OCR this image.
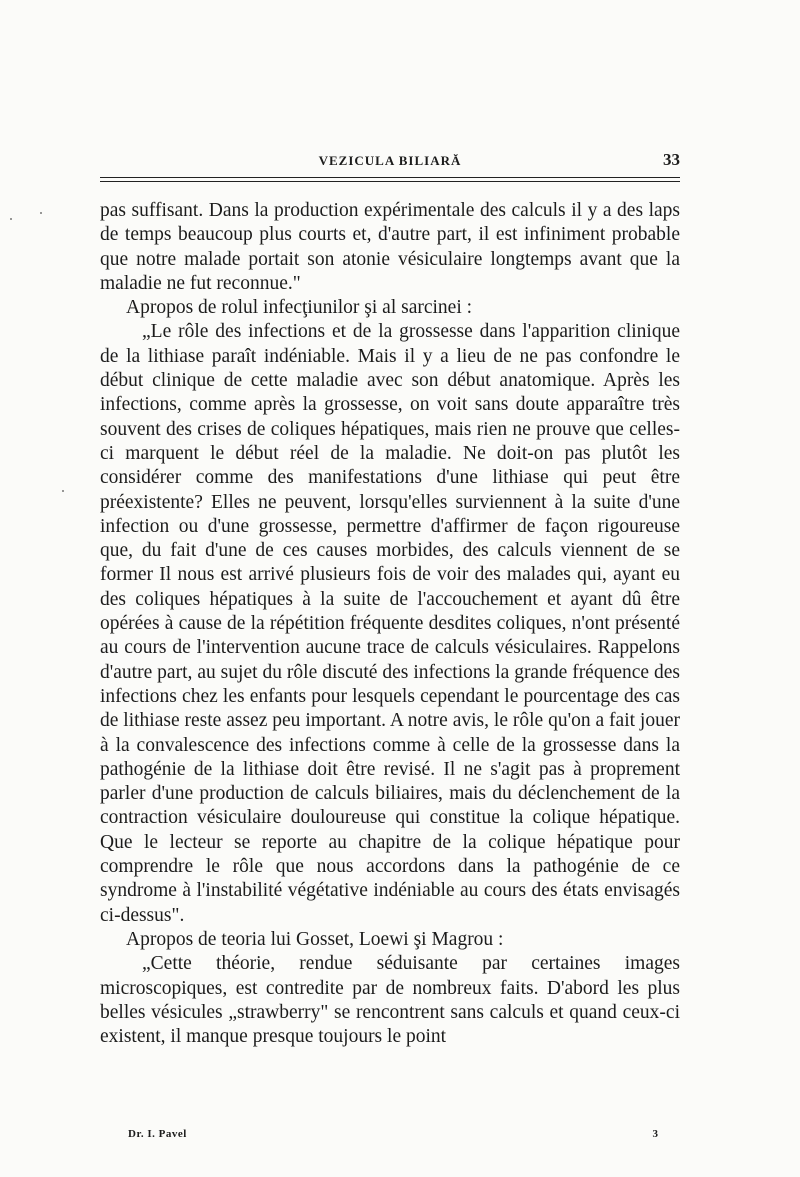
VEZICULA BILIARĂ	33

pas suffisant. Dans la production expérimentale des calculs il y a des laps de temps beaucoup plus courts et, d'autre part, il est infiniment probable que notre malade portait son atonie vésiculaire longtemps avant que la maladie ne fut reconnue."

Apropos de rolul infecţiunilor şi al sarcinei :

„Le rôle des infections et de la grossesse dans l'apparition clinique de la lithiase paraît indéniable. Mais il y a lieu de ne pas confondre le début clinique de cette maladie avec son début anatomique. Après les infections, comme après la grossesse, on voit sans doute apparaître très souvent des crises de coliques hépatiques, mais rien ne prouve que celles-ci marquent le début réel de la maladie. Ne doit-on pas plutôt les considérer comme des manifestations d'une lithiase qui peut être préexistente? Elles ne peuvent, lorsqu'elles surviennent à la suite d'une infection ou d'une grossesse, permettre d'affirmer de façon rigoureuse que, du fait d'une de ces causes morbides, des calculs viennent de se former Il nous est arrivé plusieurs fois de voir des malades qui, ayant eu des coliques hépatiques à la suite de l'accouchement et ayant dû être opérées à cause de la répétition fréquente desdites coliques, n'ont présenté au cours de l'intervention aucune trace de calculs vésiculaires. Rappelons d'autre part, au sujet du rôle discuté des infections la grande fréquence des infections chez les enfants pour lesquels cependant le pourcentage des cas de lithiase reste assez peu important. A notre avis, le rôle qu'on a fait jouer à la convalescence des infections comme à celle de la grossesse dans la pathogénie de la lithiase doit être revisé. Il ne s'agit pas à proprement parler d'une production de calculs biliaires, mais du déclenchement de la contraction vésiculaire douloureuse qui constitue la colique hépatique. Que le lecteur se reporte au chapitre de la colique hépatique pour comprendre le rôle que nous accordons dans la pathogénie de ce syndrome à l'instabilité végétative indéniable au cours des états envisagés ci-dessus".

Apropos de teoria lui Gosset, Loewi şi Magrou :

„Cette théorie, rendue séduisante par certaines images microscopiques, est contredite par de nombreux faits. D'abord les plus belles vésicules „strawberry" se rencontrent sans calculs et quand ceux-ci existent, il manque presque toujours le point

Dr. I. Pavel	3
